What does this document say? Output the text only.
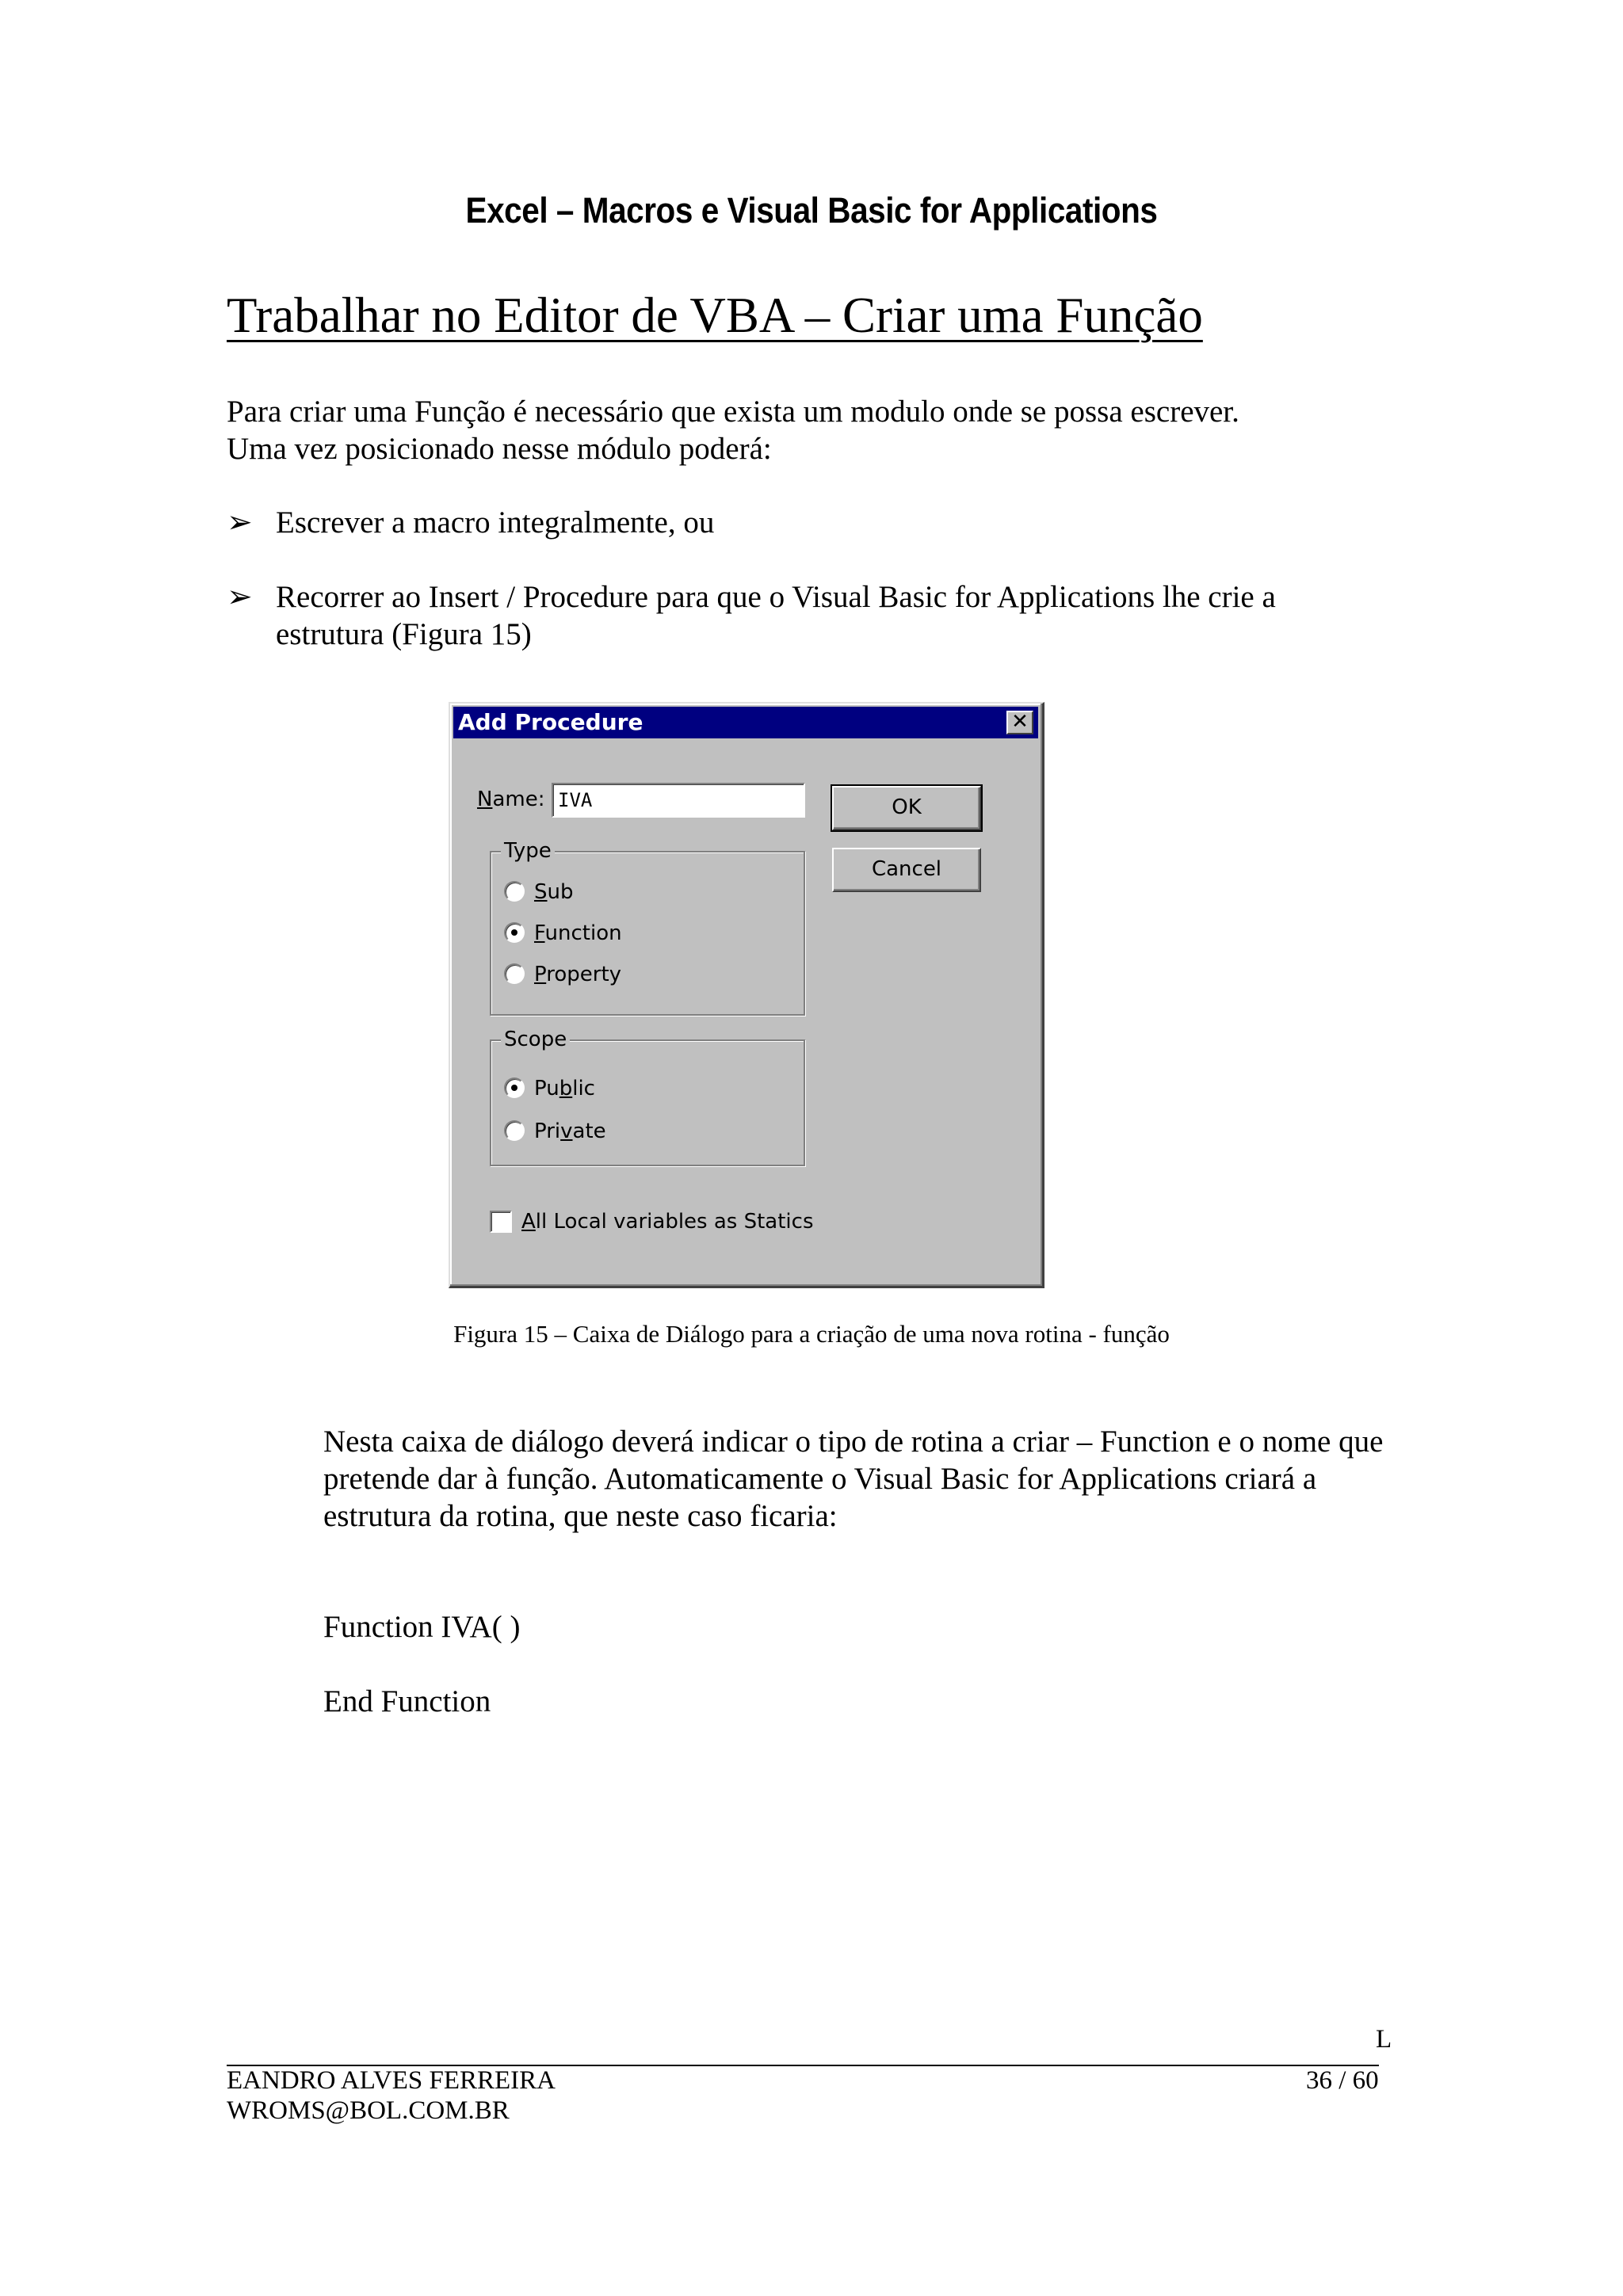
Excel – Macros e Visual Basic for Applications
Trabalhar no Editor de VBA – Criar uma Função
Para criar uma Função é necessário que exista um modulo onde se possa escrever.
Uma vez posicionado nesse módulo poderá:
➢ Escrever a macro integralmente, ou
➢ Recorrer ao Insert / Procedure para que o Visual Basic for Applications lhe crie a
estrutura (Figura 15)
Add Procedure	✕
Name: IVA	OK
Cancel
Type
Sub
Function
Property
Scope
Public
Private
All Local variables as Statics
Figura 15 – Caixa de Diálogo para a criação de uma nova rotina - função
Nesta caixa de diálogo deverá indicar o tipo de rotina a criar – Function e o nome que
pretende dar à função. Automaticamente o Visual Basic for Applications criará a
estrutura da rotina, que neste caso ficaria:
Function IVA( )
End Function
L
EANDRO ALVES FERREIRA	36 / 60
WROMS@BOL.COM.BR
